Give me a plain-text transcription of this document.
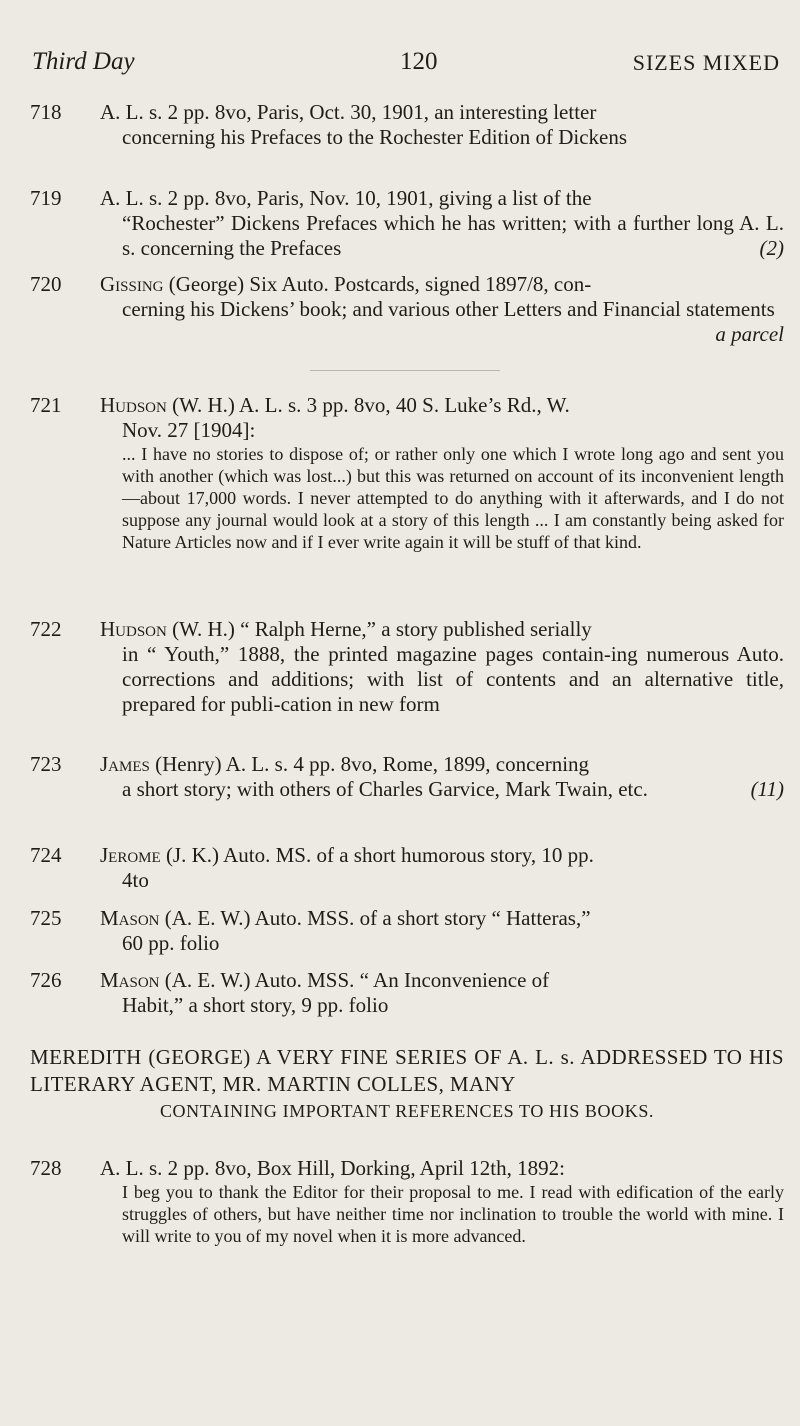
Third Day	120	SIZES MIXED
718	A. L. s. 2 pp. 8vo, Paris, Oct. 30, 1901, an interesting letter
concerning his Prefaces to the Rochester Edition of Dickens
719	A. L. s. 2 pp. 8vo, Paris, Nov. 10, 1901, giving a list of the
“Rochester” Dickens Prefaces which he has written; with a further long A. L. s. concerning the Prefaces	(2)
720	Gissing (George) Six Auto. Postcards, signed 1897/8, con-
cerning his Dickens’ book; and various other Letters and Financial statements
a parcel
721	Hudson (W. H.) A. L. s. 3 pp. 8vo, 40 S. Luke’s Rd., W.
Nov. 27 [1904]:
... I have no stories to dispose of; or rather only one which I wrote long ago and sent you with another (which was lost...) but this was returned on account of its inconvenient length—about 17,000 words. I never attempted to do anything with it afterwards, and I do not suppose any journal would look at a story of this length ... I am constantly being asked for Nature Articles now and if I ever write again it will be stuff of that kind.
722	Hudson (W. H.) “ Ralph Herne,” a story published serially
in “ Youth,” 1888, the printed magazine pages contain-ing numerous Auto. corrections and additions; with list of contents and an alternative title, prepared for publi-cation in new form
723	James (Henry) A. L. s. 4 pp. 8vo, Rome, 1899, concerning
a short story; with others of Charles Garvice, Mark Twain, etc.	(11)
724	Jerome (J. K.) Auto. MS. of a short humorous story, 10 pp.
4to
725	Mason (A. E. W.) Auto. MSS. of a short story “ Hatteras,”
60 pp. folio
726	Mason (A. E. W.) Auto. MSS. “ An Inconvenience of
Habit,” a short story, 9 pp. folio
MEREDITH (GEORGE) A VERY FINE SERIES OF A. L. s. ADDRESSED TO HIS LITERARY AGENT, MR. MARTIN COLLES, MANY
CONTAINING IMPORTANT REFERENCES TO HIS BOOKS.
728	A. L. s. 2 pp. 8vo, Box Hill, Dorking, April 12th, 1892:
I beg you to thank the Editor for their proposal to me. I read with edification of the early struggles of others, but have neither time nor inclination to trouble the world with mine. I will write to you of my novel when it is more advanced.
